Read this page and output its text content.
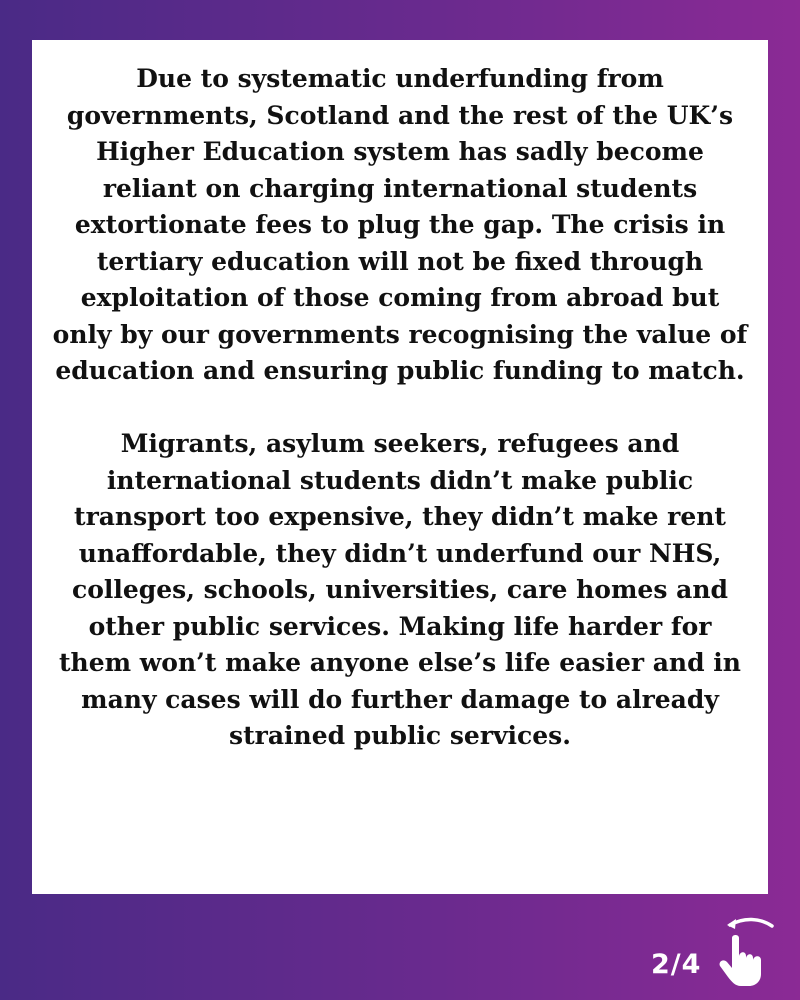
Due to systematic underfunding from
governments, Scotland and the rest of the UK’s
Higher Education system has sadly become
reliant on charging international students
extortionate fees to plug the gap. The crisis in
tertiary education will not be fixed through
exploitation of those coming from abroad but
only by our governments recognising the value of
education and ensuring public funding to match.

Migrants, asylum seekers, refugees and
international students didn’t make public
transport too expensive, they didn’t make rent
unaffordable, they didn’t underfund our NHS,
colleges, schools, universities, care homes and
other public services. Making life harder for
them won’t make anyone else’s life easier and in
many cases will do further damage to already
strained public services.

2/4
